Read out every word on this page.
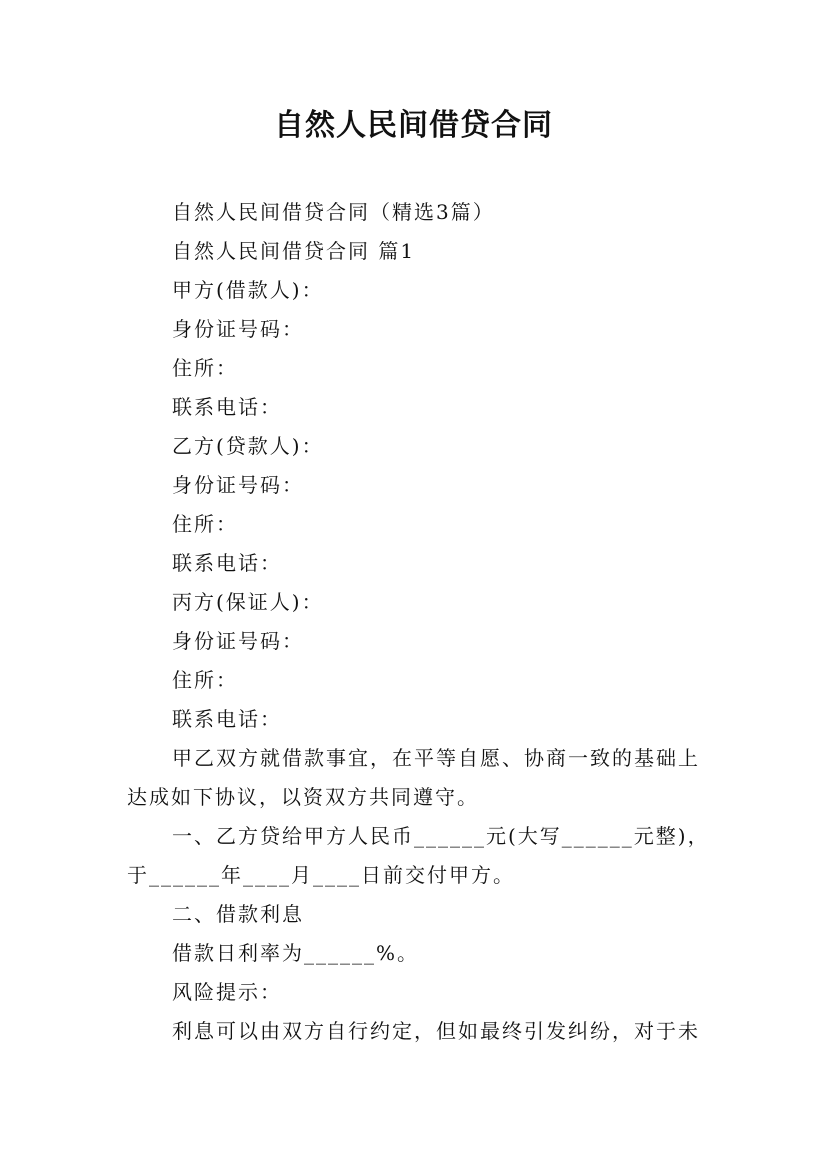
自然人民间借贷合同
自然人民间借贷合同（精选3篇）
自然人民间借贷合同 篇1
甲方(借款人)：
身份证号码：
住所：
联系电话：
乙方(贷款人)：
身份证号码：
住所：
联系电话：
丙方(保证人)：
身份证号码：
住所：
联系电话：
甲乙双方就借款事宜，在平等自愿、协商一致的基础上
达成如下协议，以资双方共同遵守。
一、乙方贷给甲方人民币______元(大写______元整)，
于______年____月____日前交付甲方。
二、借款利息
借款日利率为______%。
风险提示：
利息可以由双方自行约定，但如最终引发纠纷，对于未
